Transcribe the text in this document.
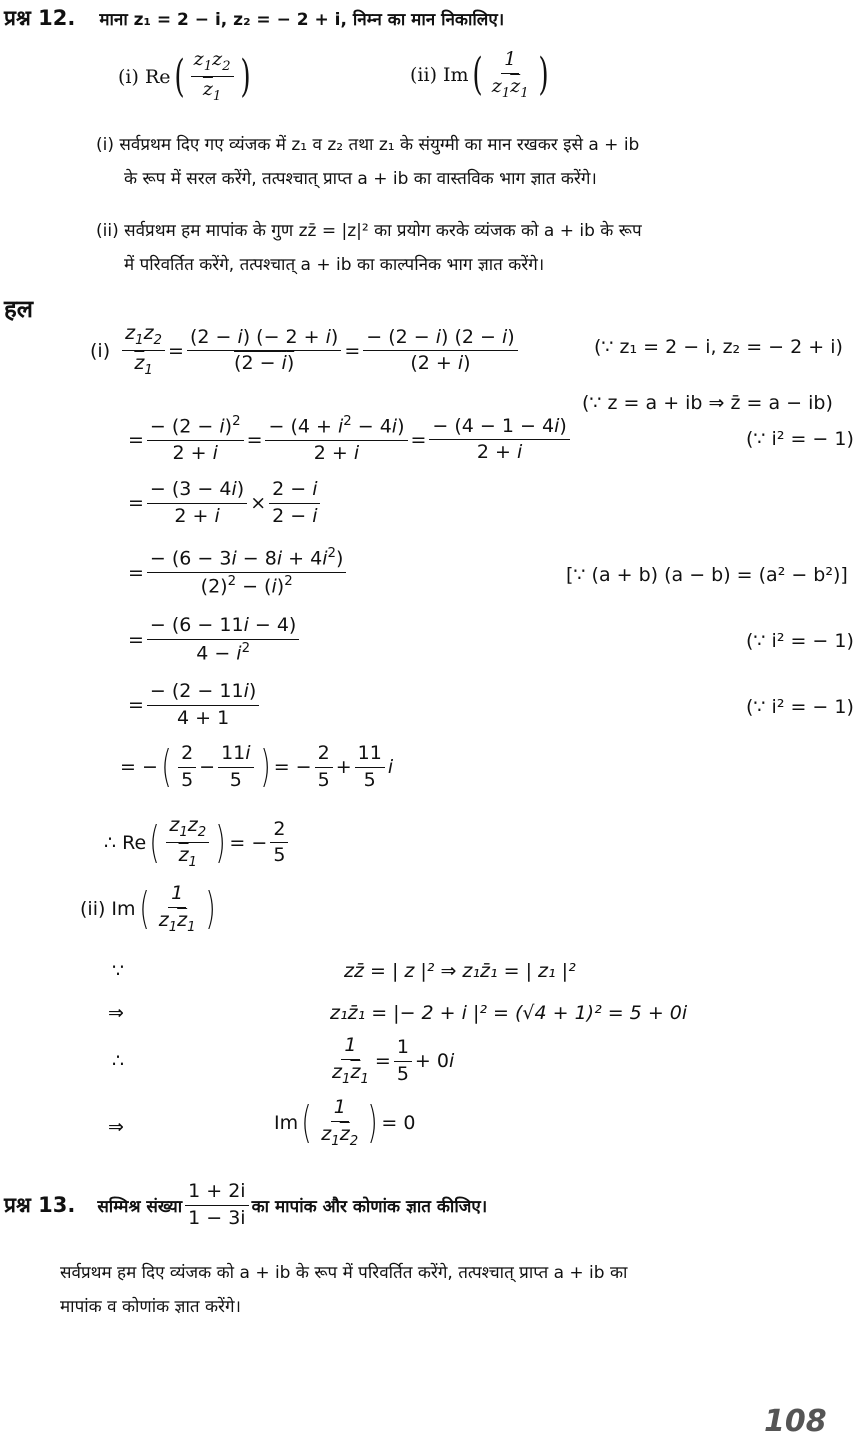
प्रश्न 12. माना z₁ = 2 − i, z₂ = − 2 + i, निम्न का मान निकालिए।
(i) Re ( $\frac{z_1z_2}{\overline{z}_1}$ )	(ii) Im ( $\frac{1}{z_1\overline{z}_1}$ )
(i) सर्वप्रथम दिए गए व्यंजक में z₁ व z₂ तथा z₁ के संयुग्मी का मान रखकर इसे a + ib
के रूप में सरल करेंगे, तत्पश्चात् प्राप्त a + ib का वास्तविक भाग ज्ञात करेंगे।
(ii) सर्वप्रथम हम मापांक के गुण zz̄ = |z|² का प्रयोग करके व्यंजक को a + ib के रूप
में परिवर्तित करेंगे, तत्पश्चात् a + ib का काल्पनिक भाग ज्ञात करेंगे।
हल
$(i) \frac{z_1z_2}{\overline{z}_1} = \frac{(2 - i) (- 2 + i)}{(2 - i)} = \frac{- (2 - i) (2 - i)}{(2 + i)}$	(∵ z₁ = 2 − i, z₂ = − 2 + i)
(∵ z = a + ib ⇒ z̄ = a − ib)
= $\frac{- (2 - i)^2}{2 + i} = \frac{- (4 + i^2 - 4i)}{2 + i} = \frac{- (4 - 1 - 4i)}{2 + i}$	(∵ i² = − 1)
= $\frac{- (3 - 4i)}{2 + i} \times \frac{2 - i}{2 - i}$
= $\frac{- (6 - 3i - 8i + 4i^2)}{(2)^2 - (i)^2}$	[∵ (a + b) (a − b) = (a² − b²)]
= $\frac{- (6 - 11i - 4)}{4 - i^2}$	(∵ i² = − 1)
= $\frac{- (2 - 11i)}{4 + 1}$	(∵ i² = − 1)
= − ( $\frac{2}{5} - \frac{11i}{5}$ ) = − $\frac{2}{5} + \frac{11}{5}$ i
∴ Re ( $\frac{z_1z_2}{\overline{z}_1}$ ) = − $\frac{2}{5}$
(ii) Im ( $\frac{1}{z_1\overline{z}_1}$ )
∵	zz̄ = | z |² ⇒ z₁z̄₁ = | z₁ |²
⇒	z₁z̄₁ = |− 2 + i |² = (√4 + 1)² = 5 + 0i
∴	$\frac{1}{z_1\overline{z}_1} = \frac{1}{5} + 0i$
⇒	Im ( $\frac{1}{z_1\overline{z}_2}$ ) = 0
प्रश्न 13. सम्मिश्र संख्या $\frac{1 + 2i}{1 - 3i}$ का मापांक और कोणांक ज्ञात कीजिए।
सर्वप्रथम हम दिए व्यंजक को a + ib के रूप में परिवर्तित करेंगे, तत्पश्चात् प्राप्त a + ib का
मापांक व कोणांक ज्ञात करेंगे।
108
